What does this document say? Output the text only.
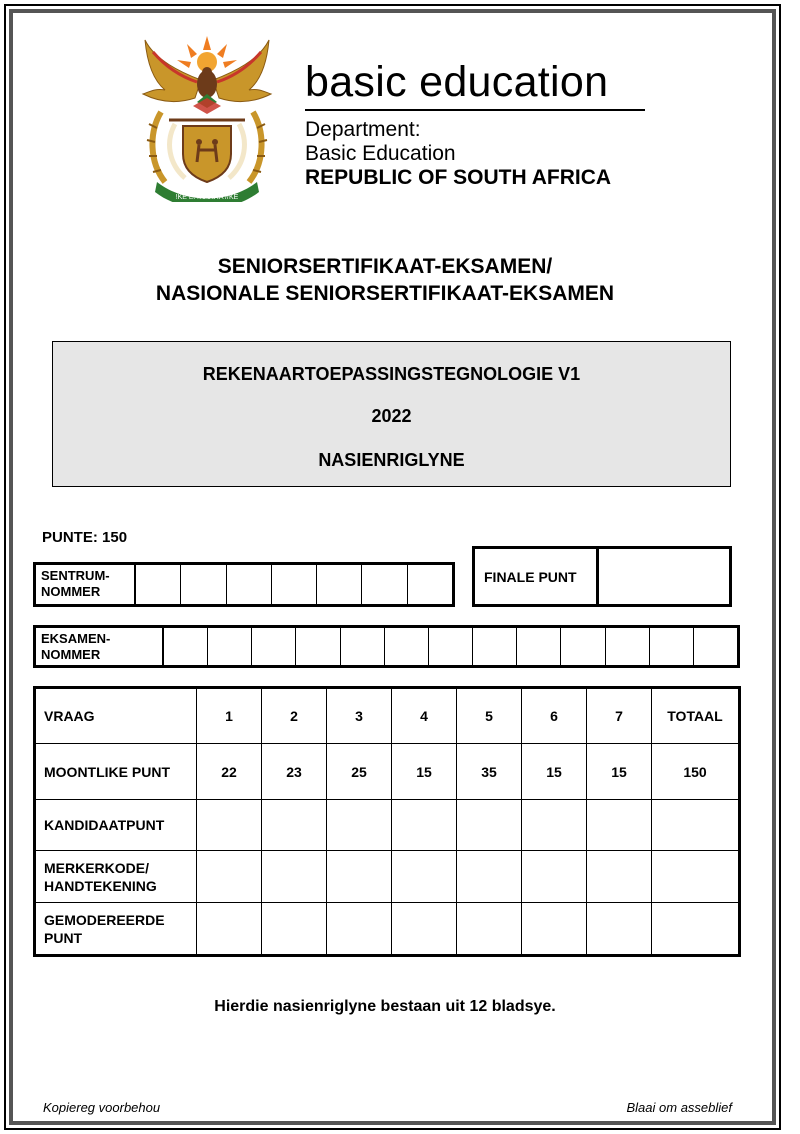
!KE E: /XARRA //KE
basic education
Department:
Basic Education
REPUBLIC OF SOUTH AFRICA
SENIORSERTIFIKAAT-EKSAMEN/
NASIONALE SENIORSERTIFIKAAT-EKSAMEN
REKENAARTOEPASSINGSTEGNOLOGIE V1
2022
NASIENRIGLYNE
PUNTE: 150
SENTRUM-
NOMMER
FINALE PUNT
EKSAMEN-
NOMMER
VRAAG	1	2	3	4	5	6	7	TOTAAL
MOONTLIKE PUNT	22	23	25	15	35	15	15	150
KANDIDAATPUNT								

MERKERKODE/
HANDTEKENING								

GEMODEREERDE
PUNT								

Hierdie nasienriglyne bestaan uit 12 bladsye.
Kopiereg voorbehou	Blaai om asseblief
